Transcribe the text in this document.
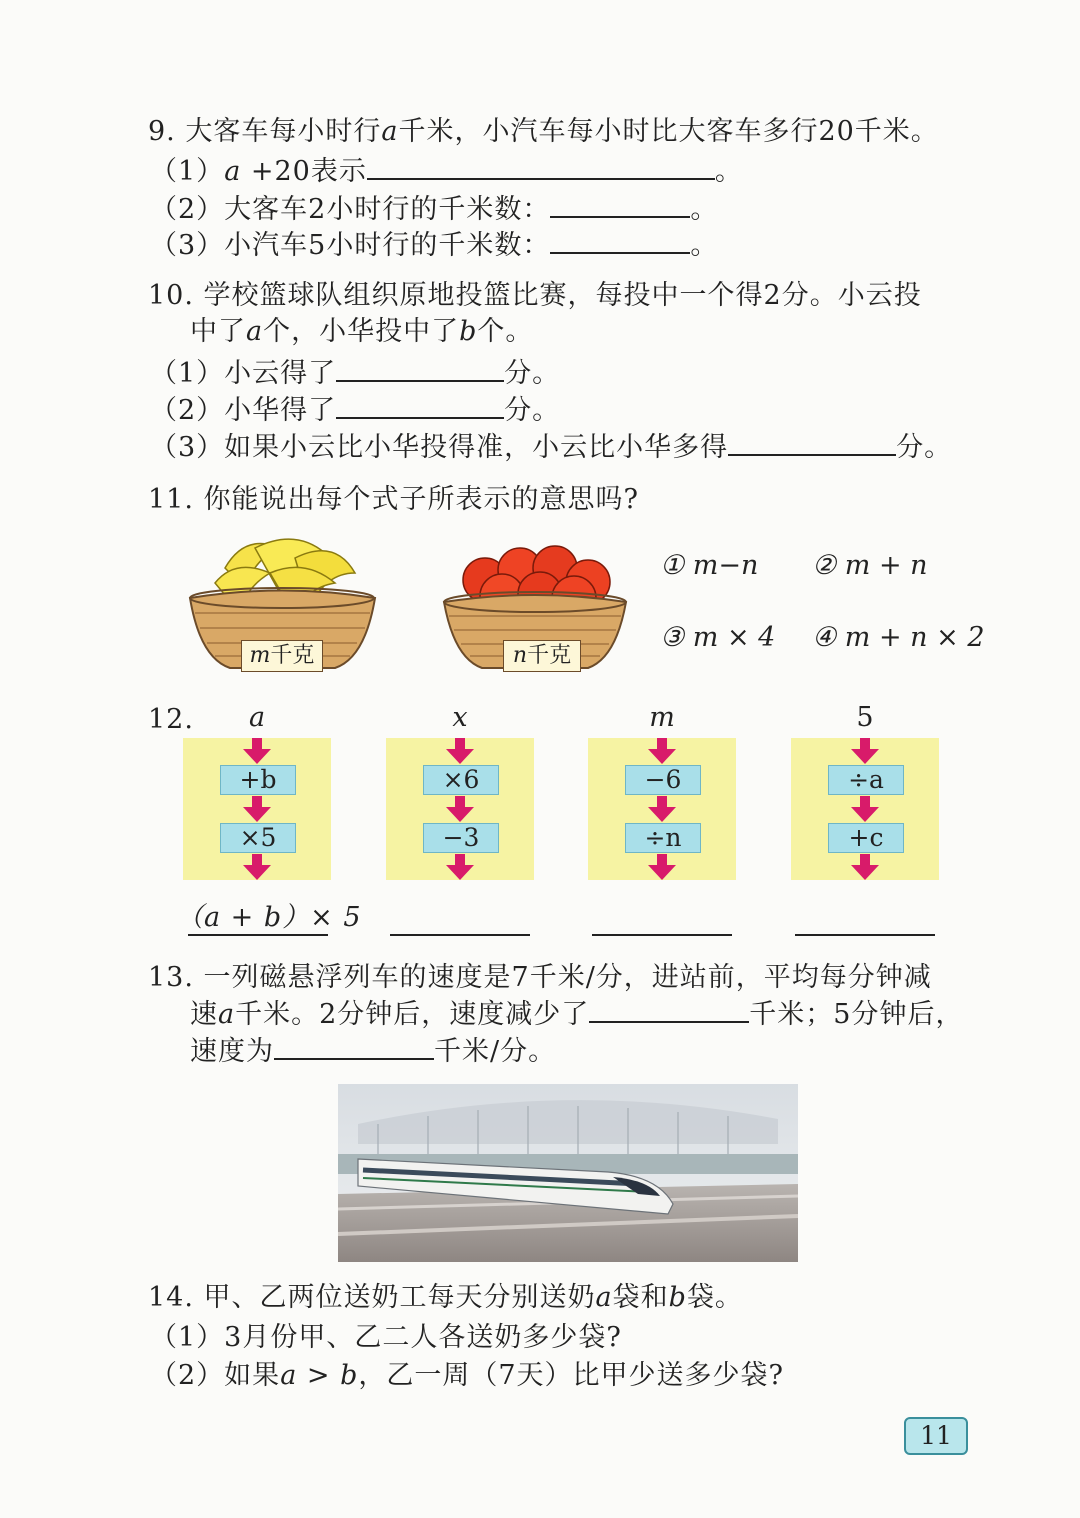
9. 大客车每小时行a千米，小汽车每小时比大客车多行20千米。
（1）a +20表示	。
（2）大客车2小时行的千米数：	。
（3）小汽车5小时行的千米数：	。
10. 学校篮球队组织原地投篮比赛，每投中一个得2分。小云投
中了a个，小华投中了b个。
（1）小云得了	分。
（2）小华得了	分。
（3）如果小云比小华投得准，小云比小华多得	分。
11. 你能说出每个式子所表示的意思吗?
m千克	n千克
① m−n ② m + n
③ m × 4 ④ m + n × 2
12.	a
+b
×5
x
×6
−3
m
−6
÷n
5
÷a
+c
（a + b）× 5
13. 一列磁悬浮列车的速度是7千米/分，进站前，平均每分钟减
速a千米。2分钟后，速度减少了	千米；5分钟后，
速度为	千米/分。
14. 甲、乙两位送奶工每天分别送奶a袋和b袋。
（1）3月份甲、乙二人各送奶多少袋?
（2）如果a > b，乙一周（7天）比甲少送多少袋?
11
